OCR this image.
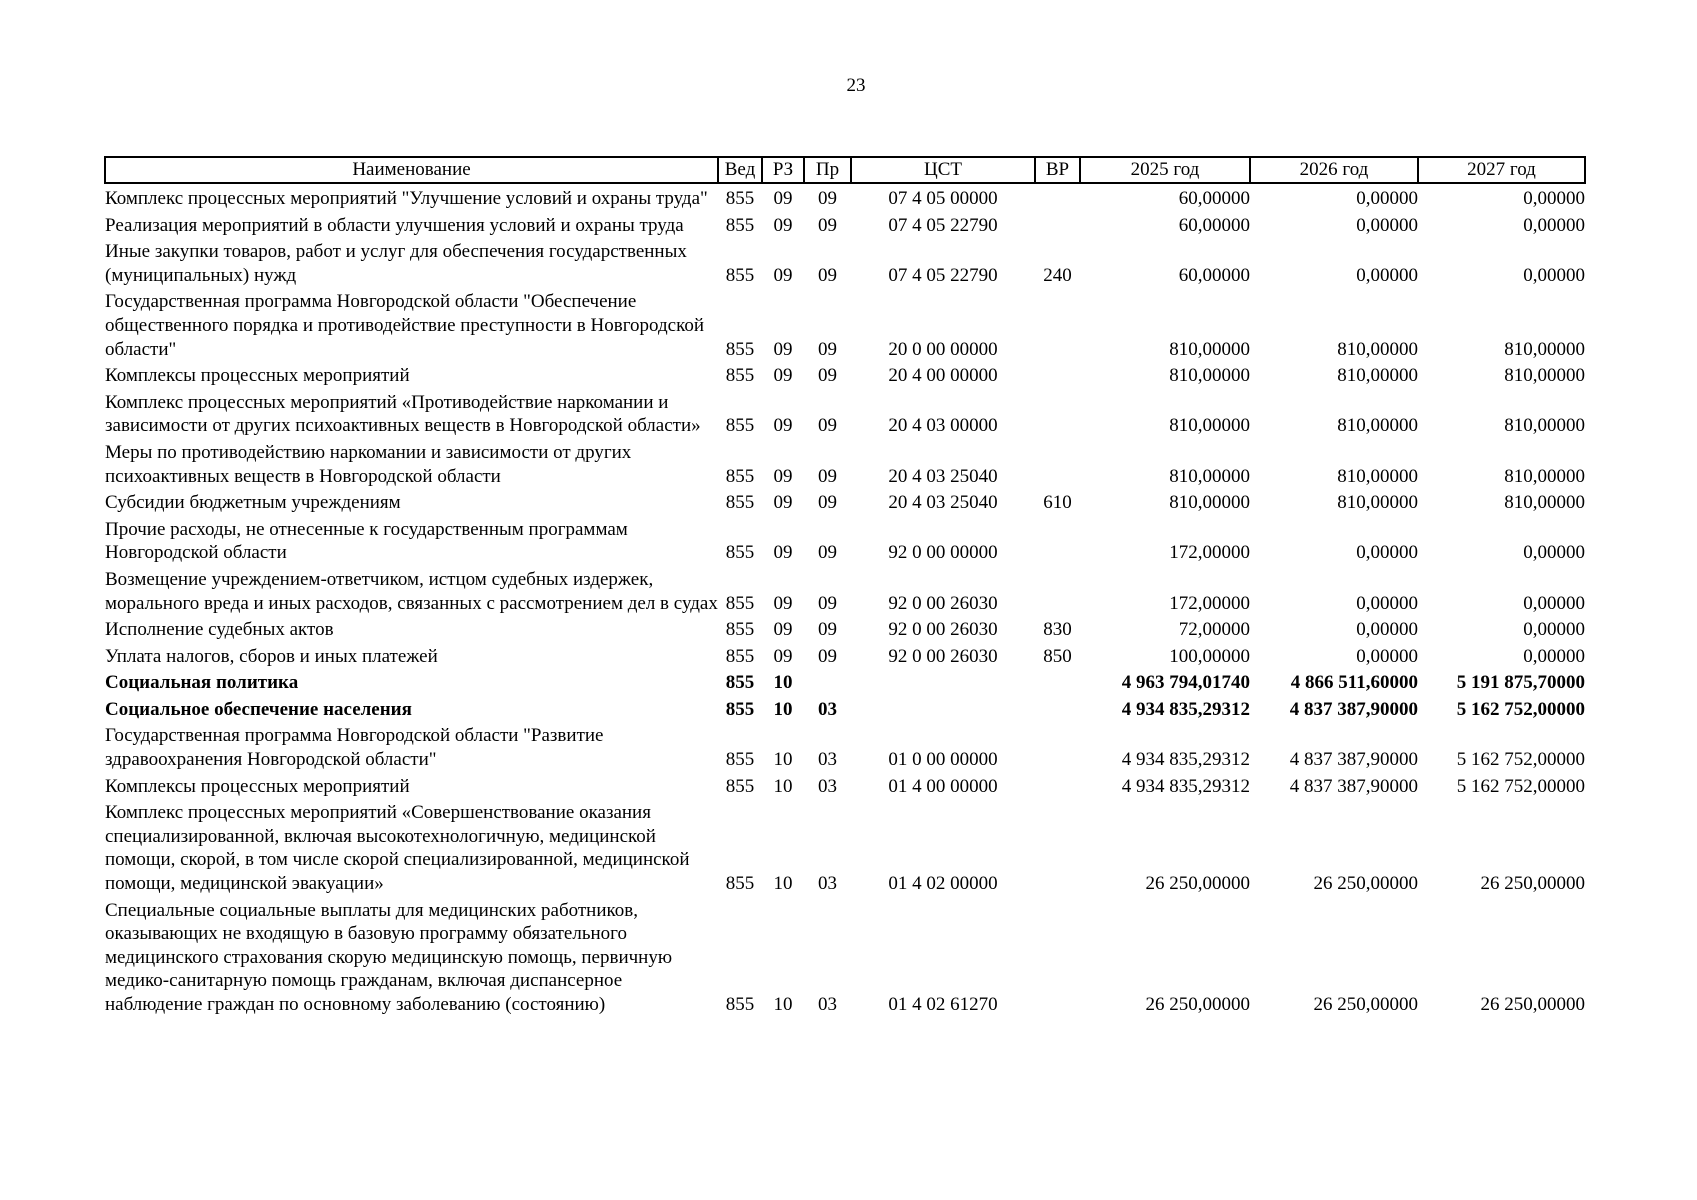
23
Наименование	Вед	РЗ	Пр	ЦСТ	ВР	2025 год	2026 год	2027 год
Комплекс процессных мероприятий "Улучшение условий и охраны труда"	855	09	09	07 4 05 00000		60,00000	0,00000	0,00000
Реализация мероприятий в области улучшения условий и охраны труда	855	09	09	07 4 05 22790		60,00000	0,00000	0,00000
Иные закупки товаров, работ и услуг для обеспечения государственных (муниципальных) нужд	855	09	09	07 4 05 22790	240	60,00000	0,00000	0,00000
Государственная программа Новгородской области "Обеспечение общественного порядка и противодействие преступности в Новгородской области"	855	09	09	20 0 00 00000		810,00000	810,00000	810,00000
Комплексы процессных мероприятий	855	09	09	20 4 00 00000		810,00000	810,00000	810,00000
Комплекс процессных мероприятий «Противодействие наркомании и зависимости от других психоактивных веществ в Новгородской области»	855	09	09	20 4 03 00000		810,00000	810,00000	810,00000
Меры по противодействию наркомании и зависимости от других психоактивных веществ в Новгородской области	855	09	09	20 4 03 25040		810,00000	810,00000	810,00000
Субсидии бюджетным учреждениям	855	09	09	20 4 03 25040	610	810,00000	810,00000	810,00000
Прочие расходы, не отнесенные к государственным программам Новгородской области	855	09	09	92 0 00 00000		172,00000	0,00000	0,00000
Возмещение учреждением-ответчиком, истцом судебных издержек, морального вреда и иных расходов, связанных с рассмотрением дел в судах	855	09	09	92 0 00 26030		172,00000	0,00000	0,00000
Исполнение судебных актов	855	09	09	92 0 00 26030	830	72,00000	0,00000	0,00000
Уплата налогов, сборов и иных платежей	855	09	09	92 0 00 26030	850	100,00000	0,00000	0,00000
Социальная политика	855	10				4 963 794,01740	4 866 511,60000	5 191 875,70000
Социальное обеспечение населения	855	10	03			4 934 835,29312	4 837 387,90000	5 162 752,00000
Государственная программа Новгородской области "Развитие здравоохранения Новгородской области"	855	10	03	01 0 00 00000		4 934 835,29312	4 837 387,90000	5 162 752,00000
Комплексы процессных мероприятий	855	10	03	01 4 00 00000		4 934 835,29312	4 837 387,90000	5 162 752,00000
Комплекс процессных мероприятий «Совершенствование оказания специализированной, включая высокотехнологичную, медицинской помощи, скорой, в том числе скорой специализированной, медицинской помощи, медицинской эвакуации»	855	10	03	01 4 02 00000		26 250,00000	26 250,00000	26 250,00000
Специальные социальные выплаты для медицинских работников, оказывающих не входящую в базовую программу обязательного медицинского страхования скорую медицинскую помощь, первичную медико-санитарную помощь гражданам, включая диспансерное наблюдение граждан по основному заболеванию (состоянию)	855	10	03	01 4 02 61270		26 250,00000	26 250,00000	26 250,00000
